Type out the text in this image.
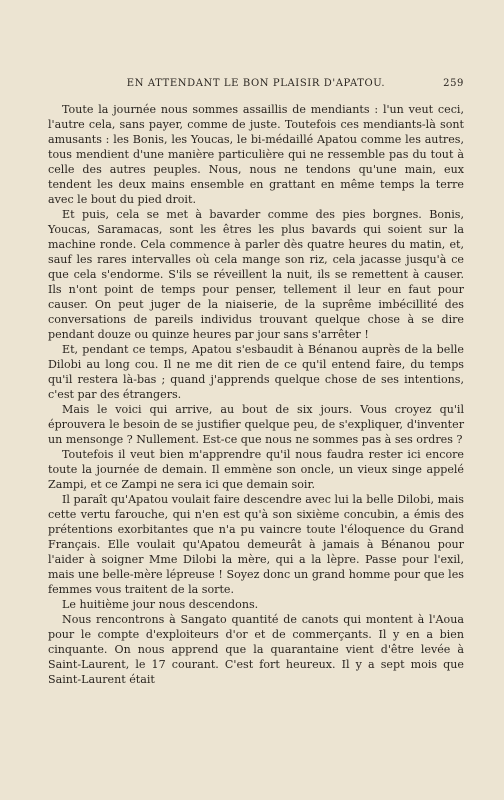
EN ATTENDANT LE BON PLAISIR D'APATOU.	259

Toute la journée nous sommes assaillis de mendiants : l'un veut ceci, l'autre cela, sans payer, comme de juste. Toutefois ces mendiants-là sont amusants : les Bonis, les Youcas, le bi-médaillé Apatou comme les autres, tous mendient d'une manière particulière qui ne ressemble pas du tout à celle des autres peuples. Nous, nous ne tendons qu'une main, eux tendent les deux mains ensemble en grattant en même temps la terre avec le bout du pied droit.

Et puis, cela se met à bavarder comme des pies borgnes. Bonis, Youcas, Saramacas, sont les êtres les plus bavards qui soient sur la machine ronde. Cela commence à parler dès quatre heures du matin, et, sauf les rares intervalles où cela mange son riz, cela jacasse jusqu'à ce que cela s'endorme. S'ils se réveillent la nuit, ils se remettent à causer. Ils n'ont point de temps pour penser, tellement il leur en faut pour causer. On peut juger de la niaiserie, de la suprême imbécillité des conversations de pareils individus trouvant quelque chose à se dire pendant douze ou quinze heures par jour sans s'arrêter !

Et, pendant ce temps, Apatou s'esbaudit à Bénanou auprès de la belle Dilobi au long cou. Il ne me dit rien de ce qu'il entend faire, du temps qu'il restera là-bas ; quand j'apprends quelque chose de ses intentions, c'est par des étrangers.

Mais le voici qui arrive, au bout de six jours. Vous croyez qu'il éprouvera le besoin de se justifier quelque peu, de s'expliquer, d'inventer un mensonge ? Nullement. Est-ce que nous ne sommes pas à ses ordres ?

Toutefois il veut bien m'apprendre qu'il nous faudra rester ici encore toute la journée de demain. Il emmène son oncle, un vieux singe appelé Zampi, et ce Zampi ne sera ici que demain soir.

Il paraît qu'Apatou voulait faire descendre avec lui la belle Dilobi, mais cette vertu farouche, qui n'en est qu'à son sixième concubin, a émis des prétentions exorbitantes que n'a pu vaincre toute l'éloquence du Grand Français. Elle voulait qu'Apatou demeurât à jamais à Bénanou pour l'aider à soigner Mme Dilobi la mère, qui a la lèpre. Passe pour l'exil, mais une belle-mère lépreuse ! Soyez donc un grand homme pour que les femmes vous traitent de la sorte.

Le huitième jour nous descendons.

Nous rencontrons à Sangato quantité de canots qui montent à l'Aoua pour le compte d'exploiteurs d'or et de commerçants. Il y en a bien cinquante. On nous apprend que la quarantaine vient d'être levée à Saint-Laurent, le 17 courant. C'est fort heureux. Il y a sept mois que Saint-Laurent était
